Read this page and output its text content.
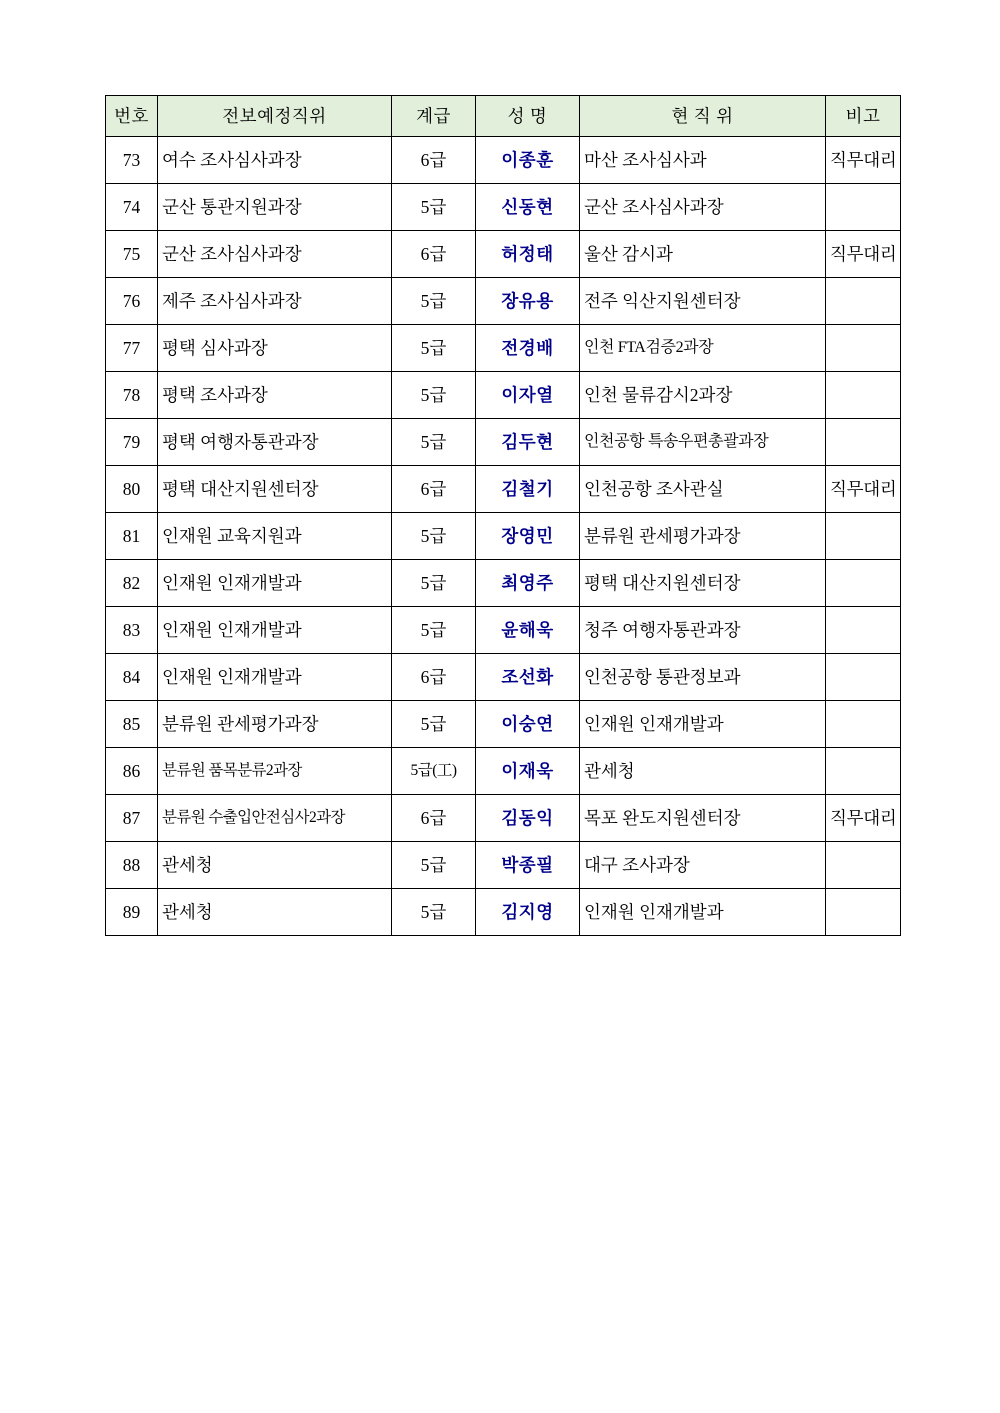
번호	전보예정직위	계급	성 명	현 직 위	비고
73	여수 조사심사과장	6급	이종훈	마산 조사심사과	직무대리
74	군산 통관지원과장	5급	신동현	군산 조사심사과장	
75	군산 조사심사과장	6급	허정태	울산 감시과	직무대리
76	제주 조사심사과장	5급	장유용	전주 익산지원센터장	
77	평택 심사과장	5급	전경배	인천 FTA검증2과장	
78	평택 조사과장	5급	이자열	인천 물류감시2과장	
79	평택 여행자통관과장	5급	김두현	인천공항 특송우편총괄과장	
80	평택 대산지원센터장	6급	김철기	인천공항 조사관실	직무대리
81	인재원 교육지원과	5급	장영민	분류원 관세평가과장	
82	인재원 인재개발과	5급	최영주	평택 대산지원센터장	
83	인재원 인재개발과	5급	윤해욱	청주 여행자통관과장	
84	인재원 인재개발과	6급	조선화	인천공항 통관정보과	
85	분류원 관세평가과장	5급	이숭연	인재원 인재개발과	
86	분류원 품목분류2과장	5급(工)	이재욱	관세청	
87	분류원 수출입안전심사2과장	6급	김동익	목포 완도지원센터장	직무대리
88	관세청	5급	박종필	대구 조사과장	
89	관세청	5급	김지영	인재원 인재개발과	
